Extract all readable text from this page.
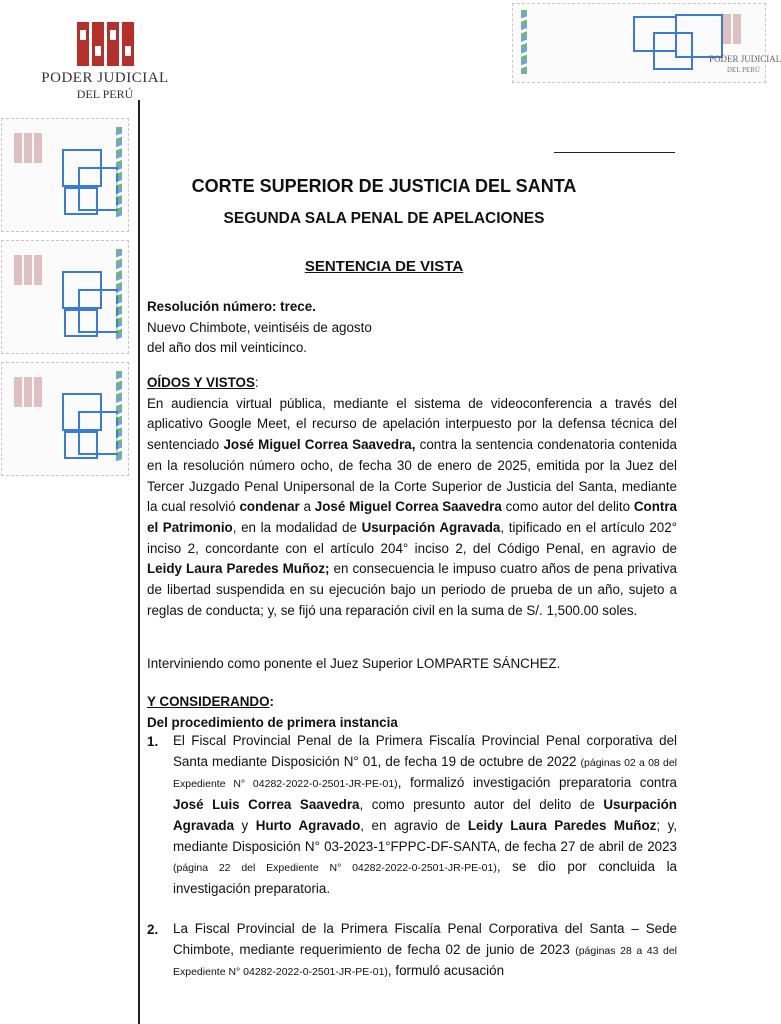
PODER JUDICIAL
DEL PERÚ
PODER JUDICIAL
DEL PERÚ
CORTE SUPERIOR DE JUSTICIA DEL SANTA
SEGUNDA SALA PENAL DE APELACIONES
SENTENCIA DE VISTA

Resolución número: trece.

Nuevo Chimbote, veintiséis de agosto

del año dos mil veinticinco.

OÍDOS Y VISTOS:

En audiencia virtual pública, mediante el sistema de videoconferencia a través del aplicativo Google Meet, el recurso de apelación interpuesto por la defensa técnica del sentenciado José Miguel Correa Saavedra, contra la sentencia condenatoria contenida en la resolución número ocho, de fecha 30 de enero de 2025, emitida por la Juez del Tercer Juzgado Penal Unipersonal de la Corte Superior de Justicia del Santa, mediante la cual resolvió condenar a José Miguel Correa Saavedra como autor del delito Contra el Patrimonio, en la modalidad de Usurpación Agravada, tipificado en el artículo 202° inciso 2, concordante con el artículo 204° inciso 2, del Código Penal, en agravio de Leidy Laura Paredes Muñoz; en consecuencia le impuso cuatro años de pena privativa de libertad suspendida en su ejecución bajo un periodo de prueba de un año, sujeto a reglas de conducta; y, se fijó una reparación civil en la suma de S/. 1,500.00 soles.

Interviniendo como ponente el Juez Superior LOMPARTE SÁNCHEZ.

Y CONSIDERANDO:

Del procedimiento de primera instancia

1. El Fiscal Provincial Penal de la Primera Fiscalía Provincial Penal corporativa del Santa mediante Disposición N° 01, de fecha 19 de octubre de 2022 (páginas 02 a 08 del Expediente N° 04282-2022-0-2501-JR-PE-01), formalizó investigación preparatoria contra José Luis Correa Saavedra, como presunto autor del delito de Usurpación Agravada y Hurto Agravado, en agravio de Leidy Laura Paredes Muñoz; y, mediante Disposición N° 03-2023-1°FPPC-DF-SANTA, de fecha 27 de abril de 2023 (página 22 del Expediente N° 04282-2022-0-2501-JR-PE-01), se dio por concluida la investigación preparatoria.
2. La Fiscal Provincial de la Primera Fiscalía Penal Corporativa del Santa – Sede Chimbote, mediante requerimiento de fecha 02 de junio de 2023 (páginas 28 a 43 del Expediente N° 04282-2022-0-2501-JR-PE-01), formuló acusación
